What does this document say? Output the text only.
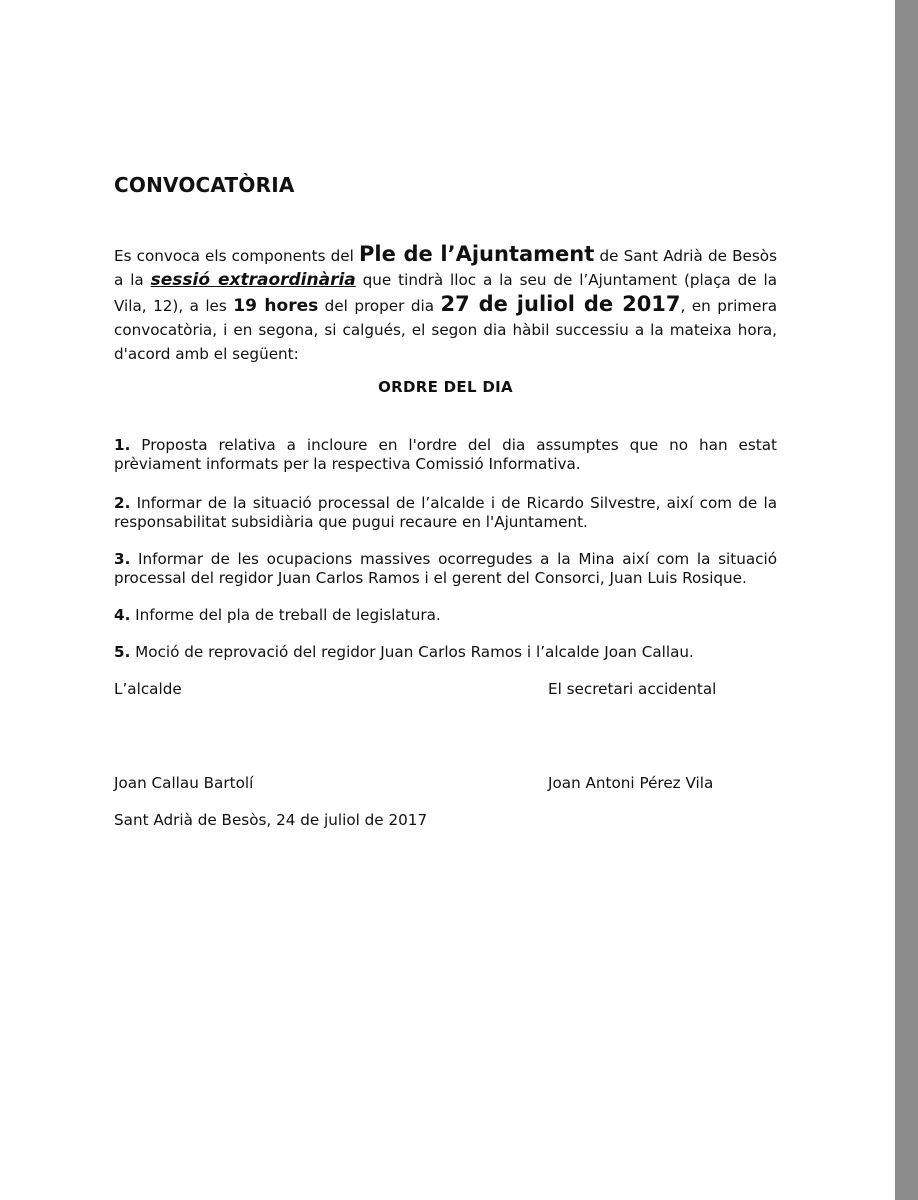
CONVOCATÒRIA
Es convoca els components del Ple de l’Ajuntament de Sant Adrià de Besòs a la sessió extraordinària que tindrà lloc a la seu de l’Ajuntament (plaça de la Vila, 12), a les 19 hores del proper dia 27 de juliol de 2017, en primera convocatòria, i en segona, si calgués, el segon dia hàbil successiu a la mateixa hora, d'acord amb el següent:
ORDRE DEL DIA
1. Proposta relativa a incloure en l'ordre del dia assumptes que no han estat prèviament informats per la respectiva Comissió Informativa.
2. Informar de la situació processal de l’alcalde i de Ricardo Silvestre, així com de la responsabilitat subsidiària que pugui recaure en l'Ajuntament.
3. Informar de les ocupacions massives ocorregudes a la Mina així com la situació processal del regidor Juan Carlos Ramos i el gerent del Consorci, Juan Luis Rosique.
4. Informe del pla de treball de legislatura.
5. Moció de reprovació del regidor Juan Carlos Ramos i l’alcalde Joan Callau.
L’alcalde	El secretari accidental
Joan Callau Bartolí	Joan Antoni Pérez Vila
Sant Adrià de Besòs, 24 de juliol de 2017
